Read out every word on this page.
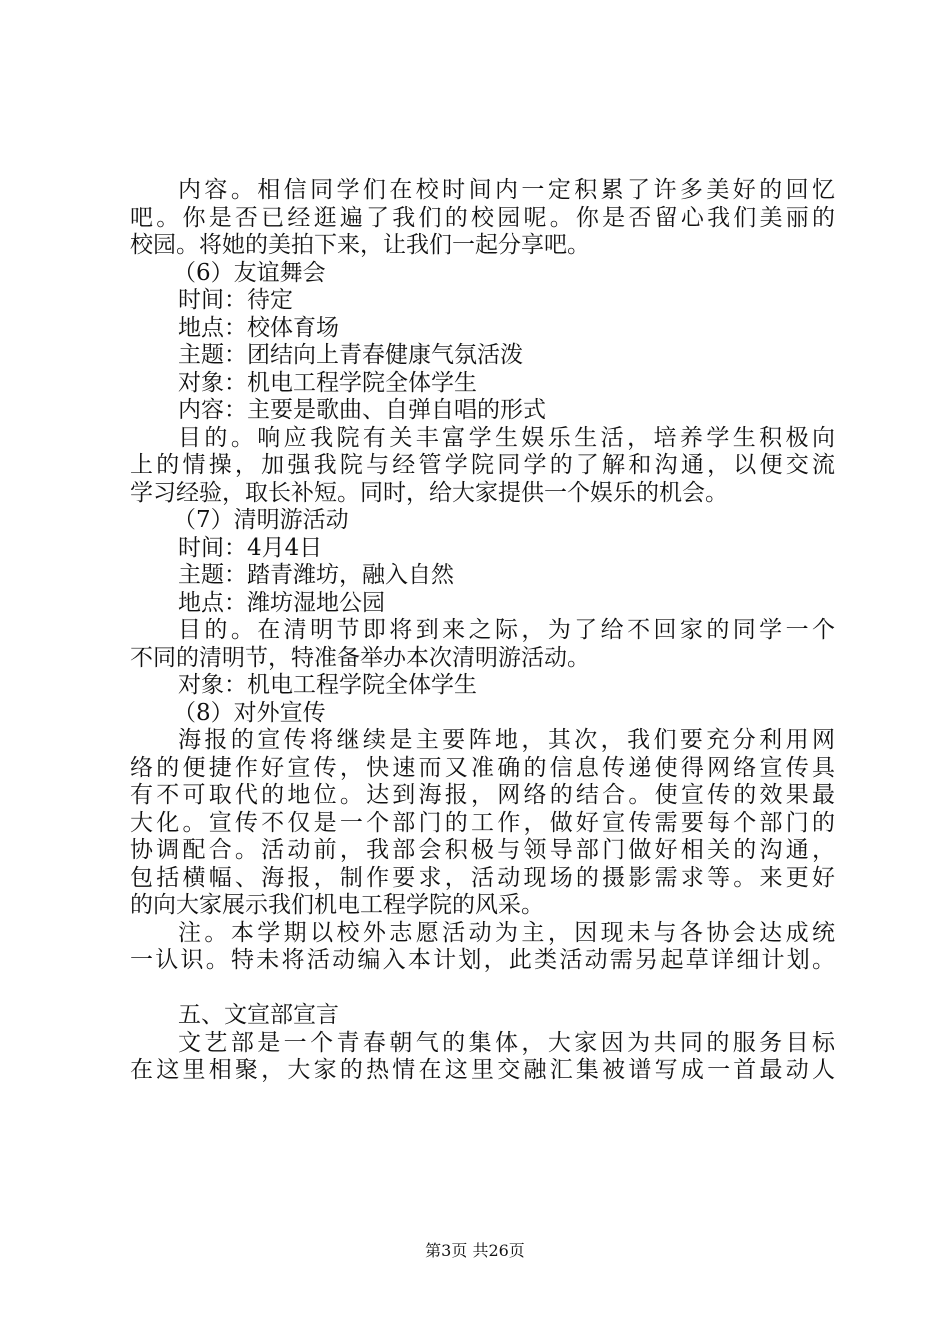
内容。相信同学们在校时间内一定积累了许多美好的回忆
吧。你是否已经逛遍了我们的校园呢。你是否留心我们美丽的
校园。将她的美拍下来，让我们一起分享吧。
（6）友谊舞会
时间：待定
地点：校体育场
主题：团结向上青春健康气氛活泼
对象：机电工程学院全体学生
内容：主要是歌曲、自弹自唱的形式
目的。响应我院有关丰富学生娱乐生活，培养学生积极向
上的情操，加强我院与经管学院同学的了解和沟通，以便交流
学习经验，取长补短。同时，给大家提供一个娱乐的机会。
（7）清明游活动
时间：4月4日
主题：踏青潍坊，融入自然
地点：潍坊湿地公园
目的。在清明节即将到来之际，为了给不回家的同学一个
不同的清明节，特准备举办本次清明游活动。
对象：机电工程学院全体学生
（8）对外宣传
海报的宣传将继续是主要阵地，其次，我们要充分利用网
络的便捷作好宣传，快速而又准确的信息传递使得网络宣传具
有不可取代的地位。达到海报，网络的结合。使宣传的效果最
大化。宣传不仅是一个部门的工作，做好宣传需要每个部门的
协调配合。活动前，我部会积极与领导部门做好相关的沟通，
包括横幅、海报，制作要求，活动现场的摄影需求等。来更好
的向大家展示我们机电工程学院的风采。
注。本学期以校外志愿活动为主，因现未与各协会达成统
一认识。特未将活动编入本计划，此类活动需另起草详细计划。
五、文宣部宣言
文艺部是一个青春朝气的集体，大家因为共同的服务目标
在这里相聚，大家的热情在这里交融汇集被谱写成一首最动人
第3页 共26页
